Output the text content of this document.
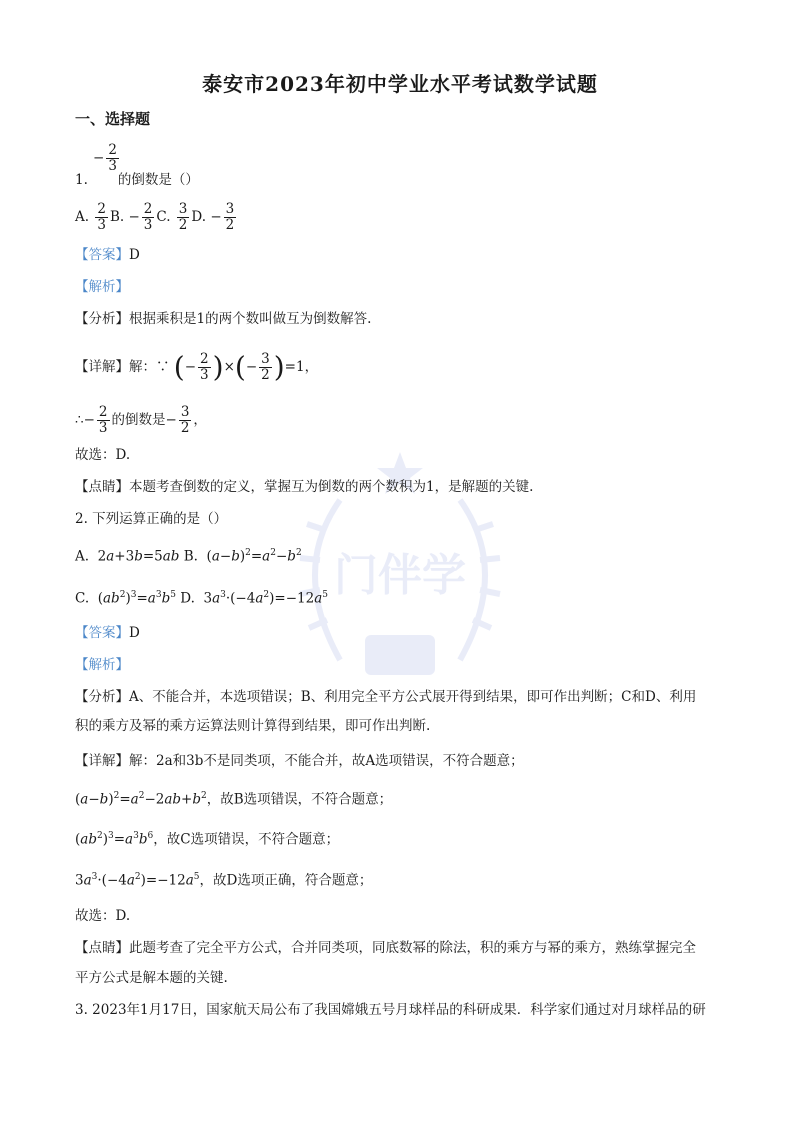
门伴学
泰安市2023年初中学业水平考试数学试题
一、选择题
− $\frac{2}{3}$
1. 的倒数是（）
A. $\frac{2}{3} B$. − $\frac{2}{3} C$. $\frac{3}{2} D$. − $\frac{3}{2}$
【答案】D
【解析】
【分析】根据乘积是1的两个数叫做互为倒数解答.
【详解】解：∵ (− $\frac{2}{3}$ )×(− $\frac{3}{2} )=1$，
∴− $\frac{2}{3}$ 的倒数是− $\frac{3}{2}$ ，
故选：D.
【点睛】本题考查倒数的定义，掌握互为倒数的两个数积为1，是解题的关键.
2. 下列运算正确的是（）
A.  2a+3b=5ab B.  $(a-b)^2=a^2-b^2$
C.  $(ab^2)^3=a^3b^5$ D.  $3a^3\cdot(-4a^2)=-12a^5$
【答案】D
【解析】
【分析】A、不能合并，本选项错误；B、利用完全平方公式展开得到结果，即可作出判断；C和D、利用
积的乘方及幂的乘方运算法则计算得到结果，即可作出判断.
【详解】解：2a和3b不是同类项，不能合并，故A选项错误，不符合题意；
$(a-b)^2=a^2-2ab+b^2$，故B选项错误，不符合题意；
$(ab^2)^3=a^3b^6$，故C选项错误，不符合题意；
$3a^3\cdot(-4a^2)=-12a^5$，故D选项正确，符合题意；
故选：D.
【点睛】此题考查了完全平方公式，合并同类项，同底数幂的除法，积的乘方与幂的乘方，熟练掌握完全
平方公式是解本题的关键.
3. 2023年1月17日，国家航天局公布了我国嫦娥五号月球样品的科研成果．科学家们通过对月球样品的研
